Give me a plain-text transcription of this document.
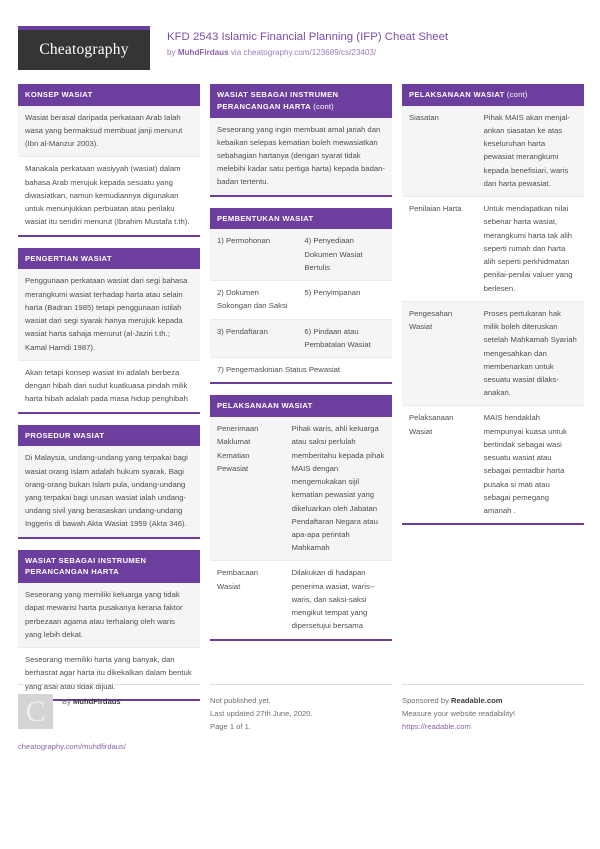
Cheatography
KFD 2543 Islamic Financial Planning (IFP) Cheat Sheet
by MuhdFirdaus via cheatography.com/123689/cs/23403/
KONSEP WASIAT
Wasiat berasal daripada perkataan Arab Ialah wasa yang bermaksud membuat janji menurut (Ibn al-Manzur 2003).
Manakala perkataan wasiyyah (wasiat) dalam bahasa Arab merujuk kepada sesuatu yang diwasiatkan, namun kemudiannya digunakan untuk menunjukkan perbuatan atau perilaku wasiat itu sendiri menurut (Ibrahim Mustafa t.th).
PENGERTIAN WASIAT
Penggunaan perkataan wasiat dari segi bahasa merangkumi wasiat terhadap harta atau selain harta (Badran 1985) tetapi penggunaan istilah wasiat dari segi syarak hanya merujuk kepada wasiat harta sahaja menurut (al-Jaziri t.th.; Kamal Hamdi 1987).
Akan tetapi konsep wasiat ini adalah berbeza dengan hibah dari sudut kuatkuasa pindah milik harta hibah adalah pada masa hidup penghibah
PROSEDUR WASIAT
Di Malaysia, undang-undang yang terpakai bagi wasiat orang Islam adalah hukum syarak. Bagi orang-orang bukan Islam pula, undang-undang yang terpakai bagi urusan wasiat ialah undang-undang sivil yang berasaskan undang-undang Inggeris di bawah Akta Wasiat 1959 (Akta 346).
WASIAT SEBAGAI INSTRUMEN PERANCANGAN HARTA
Seseorang yang memiliki keluarga yang tidak dapat mewarisi harta pusakanya kerana faktor perbezaan agama atau terhalang oleh waris yang lebih dekat.
Seseorang memiliki harta yang banyak, dan berhasrat agar harta itu dikekalkan dalam bentuk yang asal atau tidak dijual.
WASIAT SEBAGAI INSTRUMEN PERANCANGAN HARTA (cont)
Seseorang yang ingin membuat amal jariah dan kebaikan selepas kematian boleh mewasiatkan sebahagian hartanya (dengan syarat tidak melebihi kadar satu pertiga harta) kepada badan-badan tertentu.
PEMBENTUKAN WASIAT
1) Permohonan	4) Penyediaan Dokumen Wasiat Bertulis
2) Dokumen Sokongan dan Saksi	5) Penyimpanan
3) Pendaftaran	6) Pindaan atau Pembatalan Wasiat
7) Pengemaskinian Status Pewasiat	
PELAKSANAAN WASIAT
Penerimaan Maklumat Kematian Pewasiat	Pihak waris, ahli keluarga atau saksi perlulah memberitahu kepada pihak MAIS dengan mengemukakan sijil kematian pewasiat yang dikeluarkan oleh Jabatan Pendaftaran Negara atau apa-apa perintah Mahkamah
Pembacaan Wasiat	Dilakukan di hadapan penerima wasiat, waris--waris, dan saksi-saksi mengikut tempat yang dipersetujui bersama
PELAKSANAAN WASIAT (cont)
Siasatan	Pihak MAIS akan menjalankan siasatan ke atas keseluruhan harta pewasiat merangkumi kepada benefisiari, waris dan harta pewasiat.
Penilaian Harta	Untuk mendapatkan nilai sebenar harta wasiat, merangkumi harta tak alih seperti rumah dan harta alih seperti perkhidmatan penilai-penilai valuer yang berlesen.
Pengesahan Wasiat	Proses pertukaran hak milik boleh diteruskan setelah Mahkamah Syariah mengesahkan dan membenarkan untuk sesuatu wasiat dilaksanakan.
Pelaksanaan Wasiat	MAIS hendaklah mempunyai kuasa untuk bertindak sebagai wasi sesuatu wasiat atau sebagai pentadbir harta pusaka si mati atau sebagai pemegang amanah .
C	By MuhdFirdaus
cheatography.com/muhdfirdaus/
Not published yet.
Last updated 27th June, 2020.
Page 1 of 1.
Sponsored by Readable.com
Measure your website readability!
https://readable.com
